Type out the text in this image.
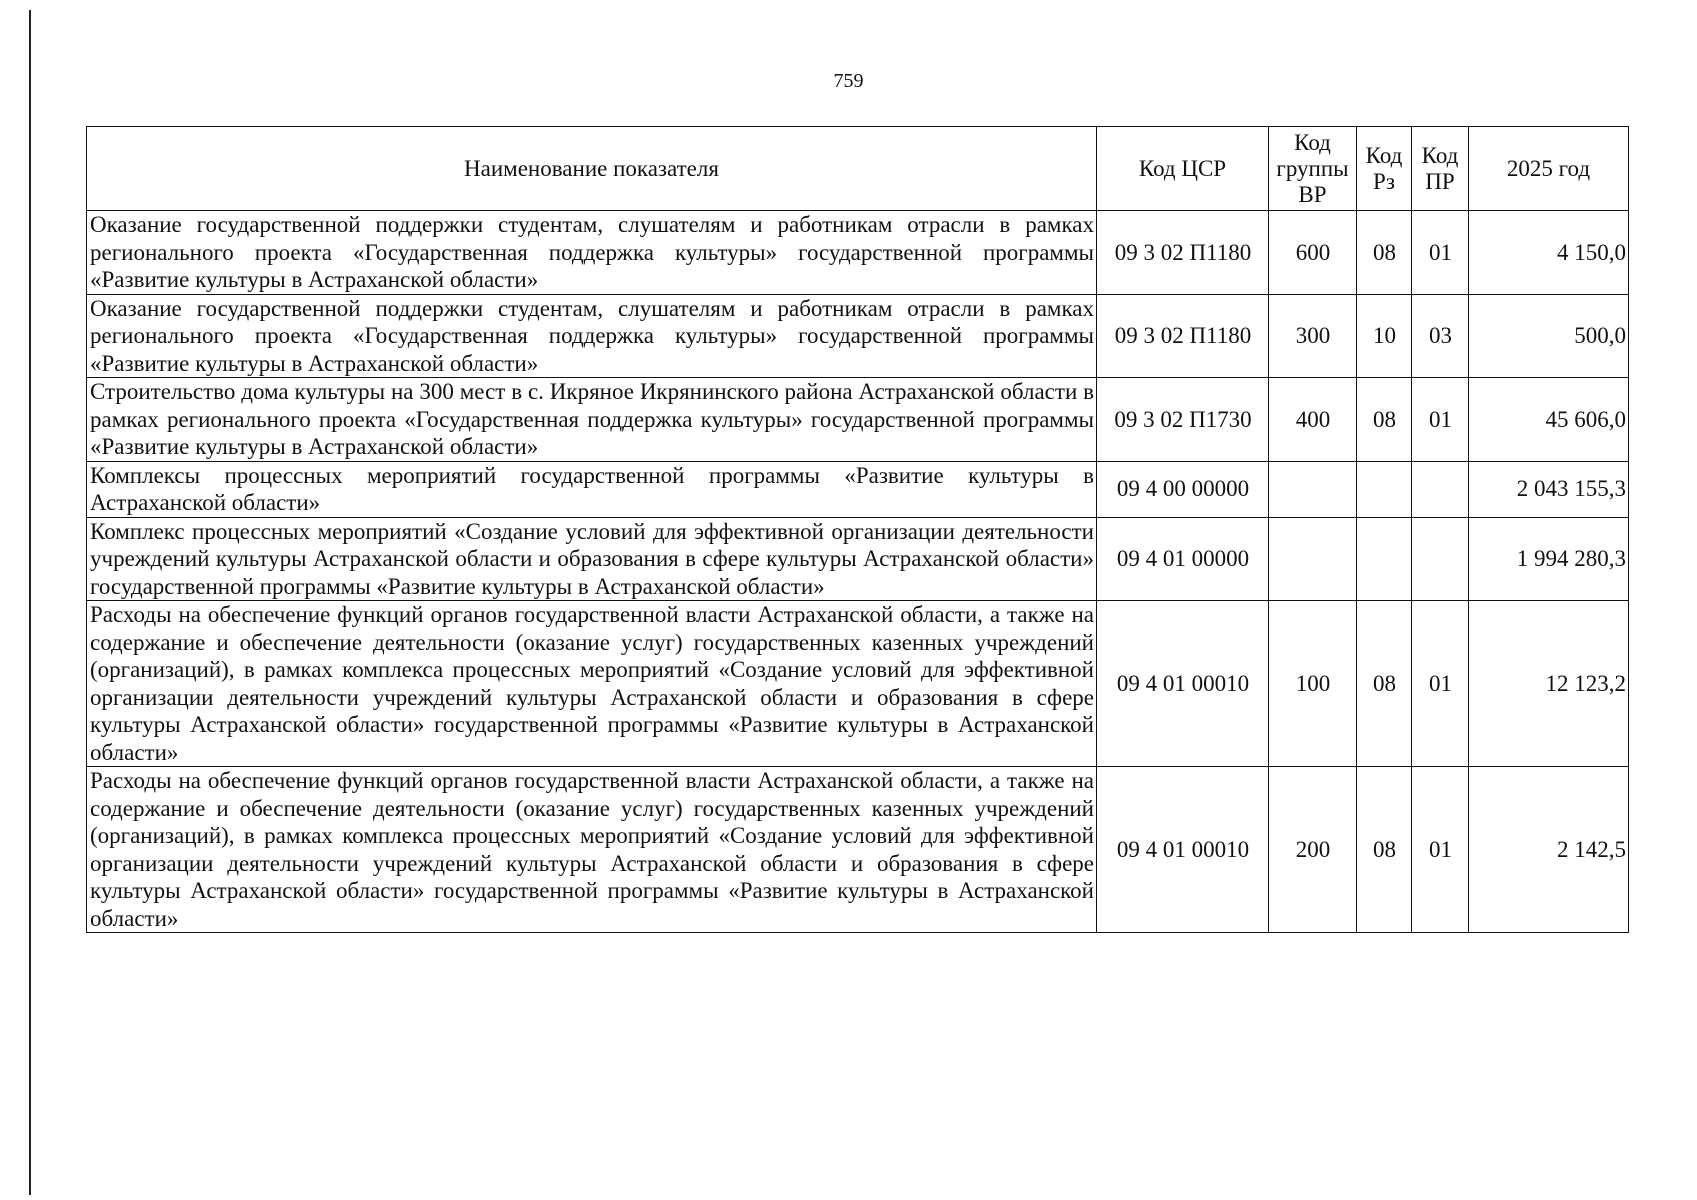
759
Наименование показателя	Код ЦСР	Код группы ВР	Код Рз	Код ПР	2025 год
Оказание государственной поддержки студентам, слушателям и работникам отрасли в рамках регионального проекта «Государственная поддержка культуры» государственной программы «Развитие культуры в Астраханской области»	09 3 02 П1180	600	08	01	4 150,0
Оказание государственной поддержки студентам, слушателям и работникам отрасли в рамках регионального проекта «Государственная поддержка культуры» государственной программы «Развитие культуры в Астраханской области»	09 3 02 П1180	300	10	03	500,0
Строительство дома культуры на 300 мест в с. Икряное Икрянинского района Астраханской области в рамках регионального проекта «Государственная поддержка культуры» государственной программы «Развитие культуры в Астраханской области»	09 3 02 П1730	400	08	01	45 606,0
Комплексы процессных мероприятий государственной программы «Развитие культуры в Астраханской области»	09 4 00 00000				2 043 155,3
Комплекс процессных мероприятий «Создание условий для эффективной организации деятельности учреждений культуры Астраханской области и образования в сфере культуры Астраханской области» государственной программы «Развитие культуры в Астраханской области»	09 4 01 00000				1 994 280,3
Расходы на обеспечение функций органов государственной власти Астраханской области, а также на содержание и обеспечение деятельности (оказание услуг) государственных казенных учреждений (организаций), в рамках комплекса процессных мероприятий «Создание условий для эффективной организации деятельности учреждений культуры Астраханской области и образования в сфере культуры Астраханской области» государственной программы «Развитие культуры в Астраханской области»	09 4 01 00010	100	08	01	12 123,2
Расходы на обеспечение функций органов государственной власти Астраханской области, а также на содержание и обеспечение деятельности (оказание услуг) государственных казенных учреждений (организаций), в рамках комплекса процессных мероприятий «Создание условий для эффективной организации деятельности учреждений культуры Астраханской области и образования в сфере культуры Астраханской области» государственной программы «Развитие культуры в Астраханской области»	09 4 01 00010	200	08	01	2 142,5
